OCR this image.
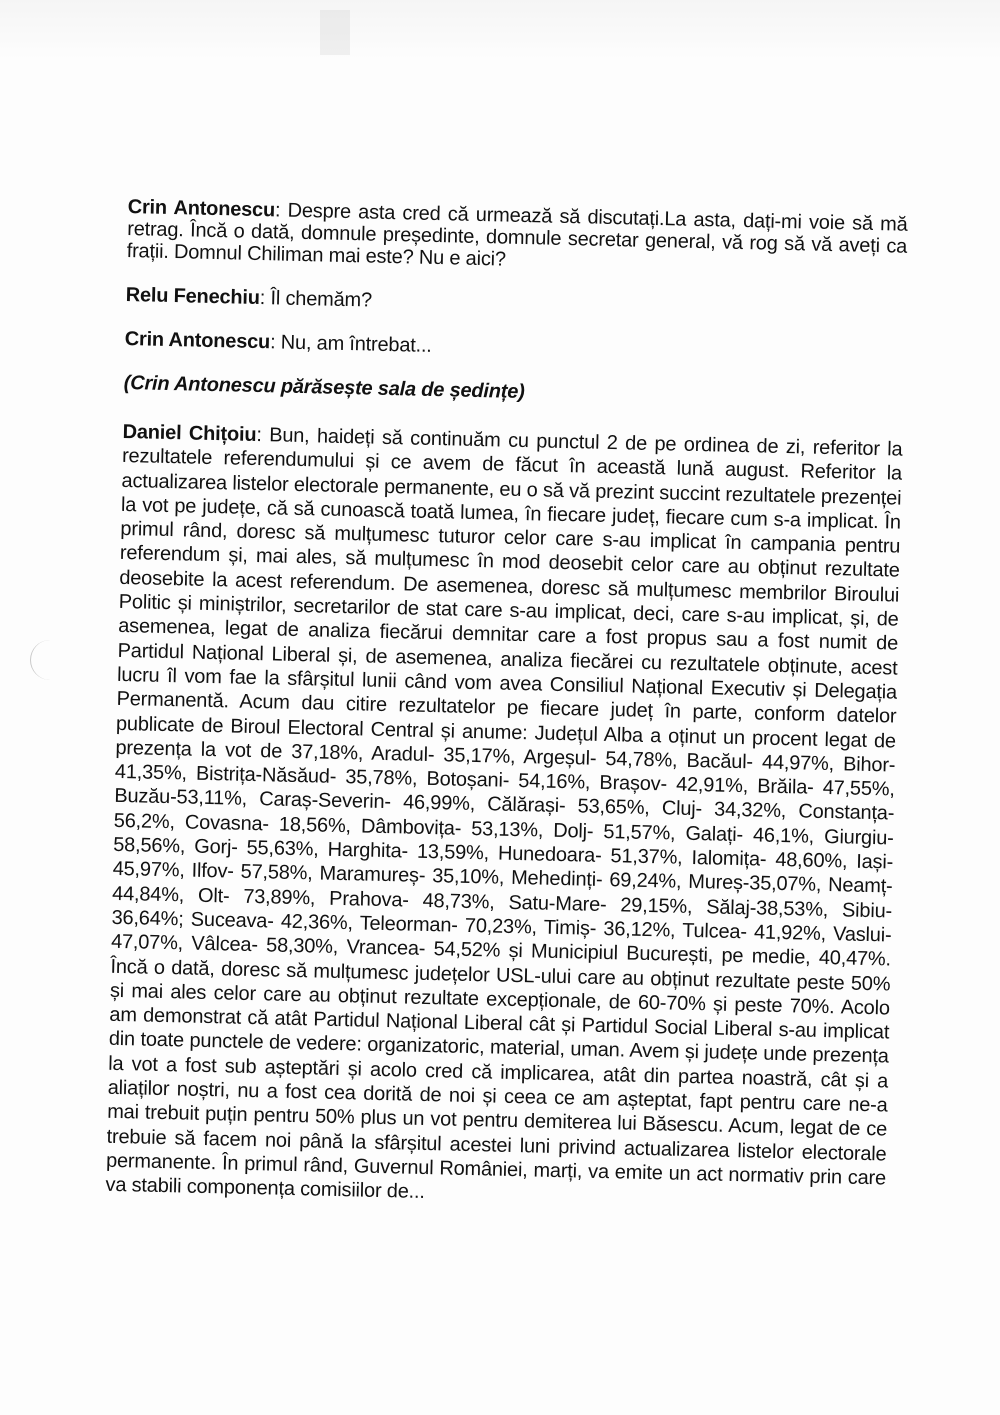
Crin Antonescu: Despre asta cred că urmează să discutați.La asta, dați-mi voie să mă retrag. Încă o dată, domnule președinte, domnule secretar general, vă rog să vă aveți ca frații. Domnul Chiliman mai este? Nu e aici?

Relu Fenechiu: Îl chemăm?

Crin Antonescu: Nu, am întrebat...

(Crin Antonescu părăsește sala de ședințe)

Daniel Chițoiu: Bun, haideți să continuăm cu punctul 2 de pe ordinea de zi, referitor la rezultatele referendumului și ce avem de făcut în această lună august. Referitor la actualizarea listelor electorale permanente, eu o să vă prezint succint rezultatele prezenței la vot pe județe, că să cunoască toată lumea, în fiecare județ, fiecare cum s-a implicat. În primul rând, doresc să mulțumesc tuturor celor care s-au implicat în campania pentru referendum și, mai ales, să mulțumesc în mod deosebit celor care au obținut rezultate deosebite la acest referendum. De asemenea, doresc să mulțumesc membrilor Biroului Politic și miniștrilor, secretarilor de stat care s-au implicat, deci, care s-au implicat, și, de asemenea, legat de analiza fiecărui demnitar care a fost propus sau a fost numit de Partidul Național Liberal și, de asemenea, analiza fiecărei cu rezultatele obținute, acest lucru îl vom fae la sfârșitul lunii când vom avea Consiliul Național Executiv și Delegația Permanentă. Acum dau citire rezultatelor pe fiecare județ în parte, conform datelor publicate de Biroul Electoral Central și anume: Județul Alba a oținut un procent legat de prezența la vot de 37,18%, Aradul- 35,17%, Argeșul- 54,78%, Bacăul- 44,97%, Bihor- 41,35%, Bistrița-Năsăud- 35,78%, Botoșani- 54,16%, Brașov- 42,91%, Brăila- 47,55%, Buzău-53,11%, Caraș-Severin- 46,99%, Călărași- 53,65%, Cluj- 34,32%, Constanța- 56,2%, Covasna- 18,56%, Dâmbovița- 53,13%, Dolj- 51,57%, Galați- 46,1%, Giurgiu-58,56%, Gorj- 55,63%, Harghita- 13,59%, Hunedoara- 51,37%, Ialomița- 48,60%, Iași- 45,97%, Ilfov- 57,58%, Maramureș- 35,10%, Mehedinți- 69,24%, Mureș-35,07%, Neamț- 44,84%, Olt- 73,89%, Prahova- 48,73%, Satu-Mare- 29,15%, Sălaj-38,53%, Sibiu- 36,64%; Suceava- 42,36%, Teleorman- 70,23%, Timiș- 36,12%, Tulcea- 41,92%, Vaslui- 47,07%, Vâlcea- 58,30%, Vrancea- 54,52% și Municipiul București, pe medie, 40,47%. Încă o dată, doresc să mulțumesc județelor USL-ului care au obținut rezultate peste 50% și mai ales celor care au obținut rezultate excepționale, de 60-70% și peste 70%. Acolo am demonstrat că atât Partidul Național Liberal cât și Partidul Social Liberal s-au implicat din toate punctele de vedere: organizatoric, material, uman. Avem și județe unde prezența la vot a fost sub așteptări și acolo cred că implicarea, atât din partea noastră, cât și a aliaților noștri, nu a fost cea dorită de noi și ceea ce am așteptat, fapt pentru care ne-a mai trebuit puțin pentru 50% plus un vot pentru demiterea lui Băsescu. Acum, legat de ce trebuie să facem noi până la sfârșitul acestei luni privind actualizarea listelor electorale permanente. În primul rând, Guvernul României, marți, va emite un act normativ prin care va stabili componența comisiilor de...
